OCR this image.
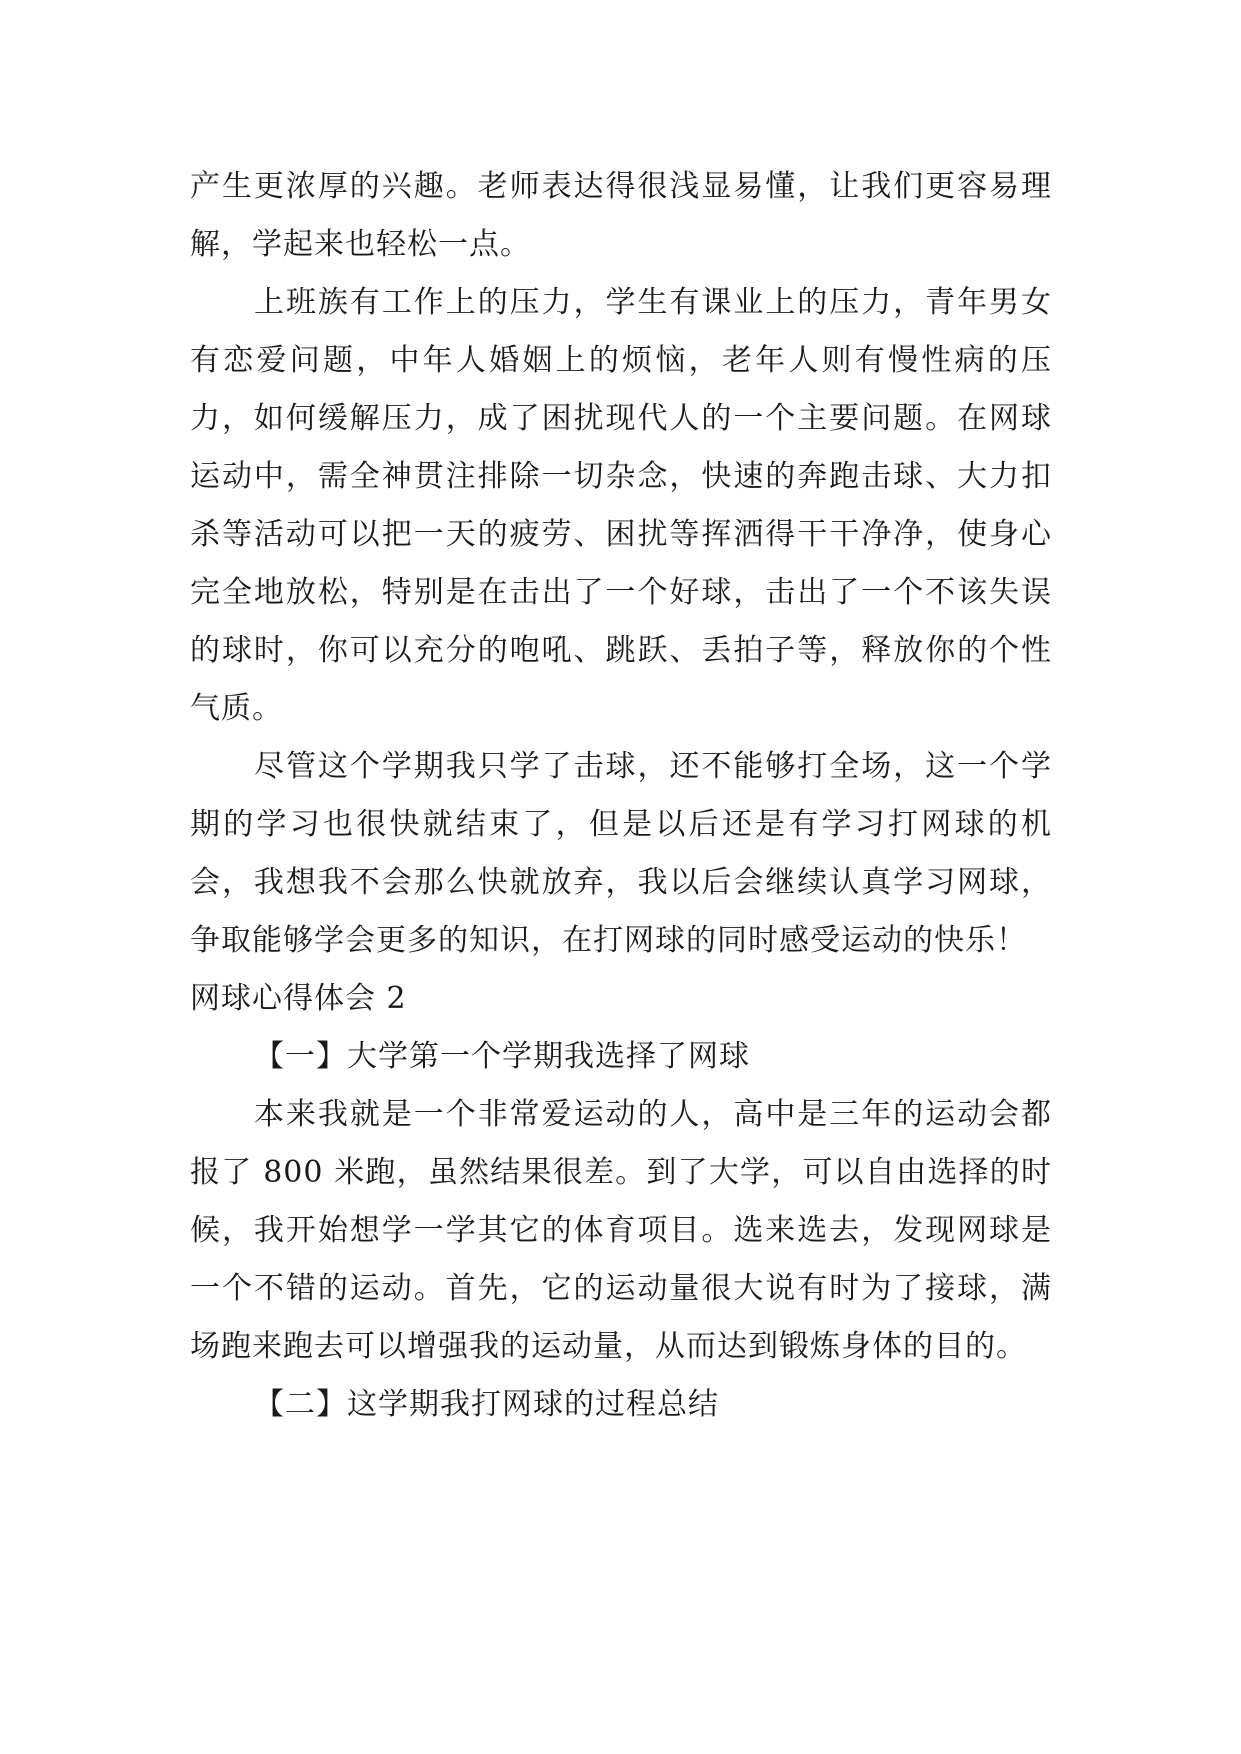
产生更浓厚的兴趣。老师表达得很浅显易懂，让我们更容易理解，学起来也轻松一点。

上班族有工作上的压力，学生有课业上的压力，青年男女有恋爱问题，中年人婚姻上的烦恼，老年人则有慢性病的压力，如何缓解压力，成了困扰现代人的一个主要问题。在网球运动中，需全神贯注排除一切杂念，快速的奔跑击球、大力扣杀等活动可以把一天的疲劳、困扰等挥洒得干干净净，使身心完全地放松，特别是在击出了一个好球，击出了一个不该失误的球时，你可以充分的咆吼、跳跃、丢拍子等，释放你的个性气质。

尽管这个学期我只学了击球，还不能够打全场，这一个学期的学习也很快就结束了，但是以后还是有学习打网球的机会，我想我不会那么快就放弃，我以后会继续认真学习网球，争取能够学会更多的知识，在打网球的同时感受运动的快乐！

网球心得体会 2

【一】大学第一个学期我选择了网球

本来我就是一个非常爱运动的人，高中是三年的运动会都报了 800 米跑，虽然结果很差。到了大学，可以自由选择的时候，我开始想学一学其它的体育项目。选来选去，发现网球是一个不错的运动。首先，它的运动量很大说有时为了接球，满场跑来跑去可以增强我的运动量，从而达到锻炼身体的目的。

【二】这学期我打网球的过程总结
